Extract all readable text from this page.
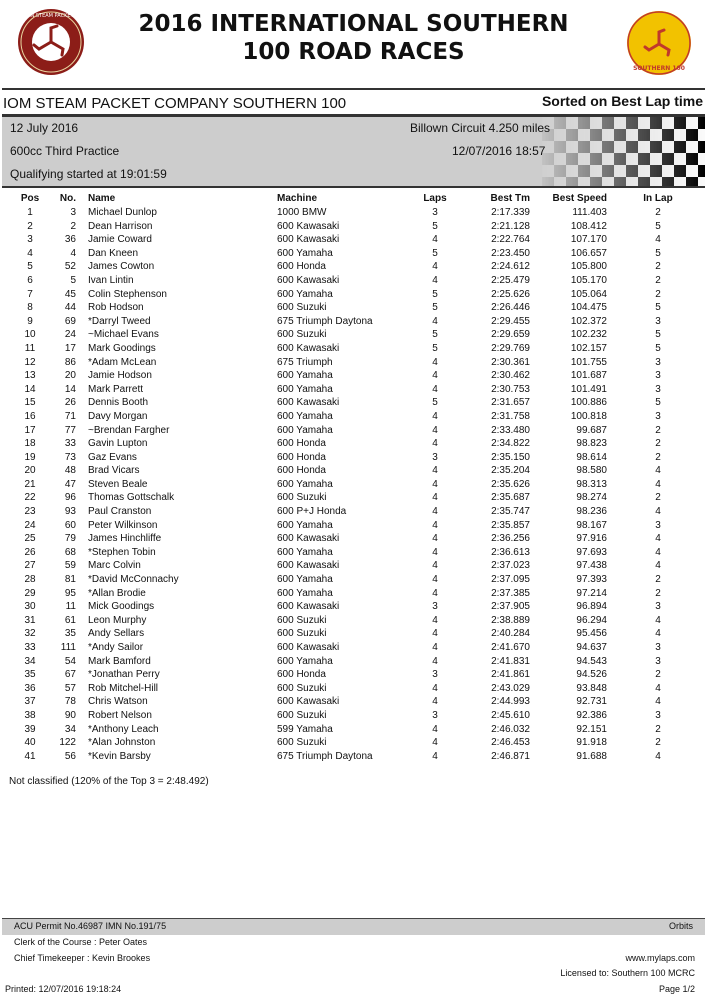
ISLE OF MAN STEAM PACKET COMPANY	2016 INTERNATIONAL SOUTHERN
100 ROAD RACES
SOUTHERN 100
IOM STEAM PACKET COMPANY SOUTHERN 100	Sorted on Best Lap time
12 July 2016	Billown Circuit 4.250 miles
600cc Third Practice	12/07/2016 18:57
Qualifying started at 19:01:59
Pos	No. Name	Machine	Laps	Best Tm	Best Speed	In Lap
1	3 Michael Dunlop	1000 BMW	3	2:17.339	111.403	2
2	2 Dean Harrison	600 Kawasaki	5	2:21.128	108.412	5
3	36 Jamie Coward	600 Kawasaki	4	2:22.764	107.170	4
4	4 Dan Kneen	600 Yamaha	5	2:23.450	106.657	5
5	52 James Cowton	600 Honda	4	2:24.612	105.800	2
6	5 Ivan Lintin	600 Kawasaki	4	2:25.479	105.170	2
7	45 Colin Stephenson	600 Yamaha	5	2:25.626	105.064	2
8	44 Rob Hodson	600 Suzuki	5	2:26.446	104.475	5
9	69 *Darryl Tweed	675 Triumph Daytona	4	2:29.455	102.372	3
10	24 ~Michael Evans	600 Suzuki	5	2:29.659	102.232	5
11	17 Mark Goodings	600 Kawasaki	5	2:29.769	102.157	5
12	86 *Adam McLean	675 Triumph	4	2:30.361	101.755	3
13	20 Jamie Hodson	600 Yamaha	4	2:30.462	101.687	3
14	14 Mark Parrett	600 Yamaha	4	2:30.753	101.491	3
15	26 Dennis Booth	600 Kawasaki	5	2:31.657	100.886	5
16	71 Davy Morgan	600 Yamaha	4	2:31.758	100.818	3
17	77 ~Brendan Fargher	600 Yamaha	4	2:33.480	99.687	2
18	33 Gavin Lupton	600 Honda	4	2:34.822	98.823	2
19	73 Gaz Evans	600 Honda	3	2:35.150	98.614	2
20	48 Brad Vicars	600 Honda	4	2:35.204	98.580	4
21	47 Steven Beale	600 Yamaha	4	2:35.626	98.313	4
22	96 Thomas Gottschalk	600 Suzuki	4	2:35.687	98.274	2
23	93 Paul Cranston	600 P+J Honda	4	2:35.747	98.236	4
24	60 Peter Wilkinson	600 Yamaha	4	2:35.857	98.167	3
25	79 James Hinchliffe	600 Kawasaki	4	2:36.256	97.916	4
26	68 *Stephen Tobin	600 Yamaha	4	2:36.613	97.693	4
27	59 Marc Colvin	600 Kawasaki	4	2:37.023	97.438	4
28	81 *David McConnachy	600 Yamaha	4	2:37.095	97.393	2
29	95 *Allan Brodie	600 Yamaha	4	2:37.385	97.214	2
30	11 Mick Goodings	600 Kawasaki	3	2:37.905	96.894	3
31	61 Leon Murphy	600 Suzuki	4	2:38.889	96.294	4
32	35 Andy Sellars	600 Suzuki	4	2:40.284	95.456	4
33	111 *Andy Sailor	600 Kawasaki	4	2:41.670	94.637	3
34	54 Mark Bamford	600 Yamaha	4	2:41.831	94.543	3
35	67 *Jonathan Perry	600 Honda	3	2:41.861	94.526	2
36	57 Rob Mitchel-Hill	600 Suzuki	4	2:43.029	93.848	4
37	78 Chris Watson	600 Kawasaki	4	2:44.993	92.731	4
38	90 Robert Nelson	600 Suzuki	3	2:45.610	92.386	3
39	34 *Anthony Leach	599 Yamaha	4	2:46.032	92.151	2
40	122 *Alan Johnston	600 Suzuki	4	2:46.453	91.918	2
41	56 *Kevin Barsby	675 Triumph Daytona	4	2:46.871	91.688	4
Not classified (120% of the Top 3 = 2:48.492)
ACU Permit No.46987 IMN No.191/75	Orbits
Clerk of the Course : Peter Oates
Chief Timekeeper : Kevin Brookes	www.mylaps.com
Licensed to: Southern 100 MCRC
Printed: 12/07/2016 19:18:24	Page 1/2
